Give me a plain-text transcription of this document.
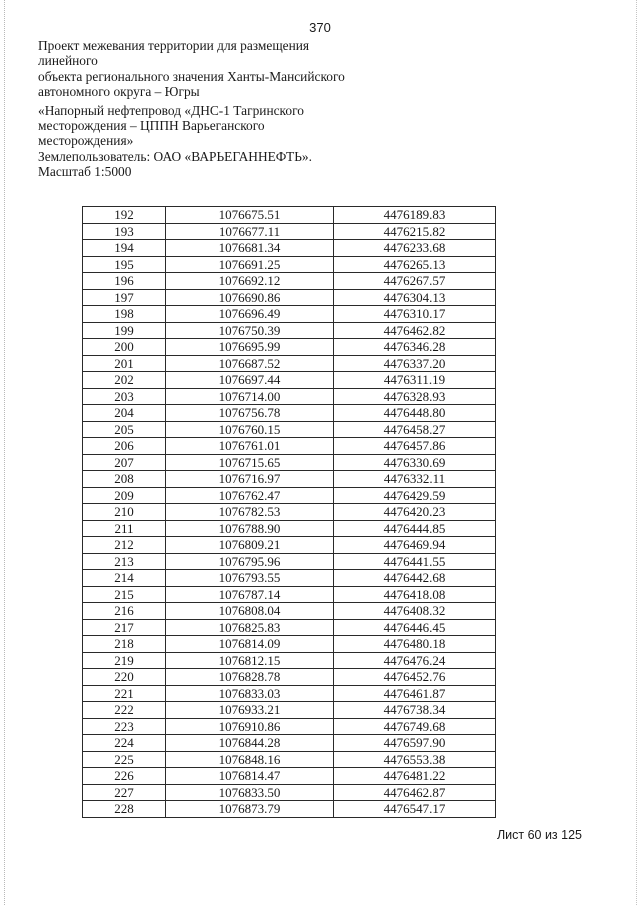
370

Проект межевания территории для размещения линейного

объекта регионального значения Ханты-Мансийского

автономного округа – Югры

«Напорный нефтепровод «ДНС-1 Тагринского

месторождения – ЦППН Варьеганского

месторождения»

Землепользователь: ОАО «ВАРЬЕГАННЕФТЬ».

Масштаб 1:5000

192	1076675.51	4476189.83
193	1076677.11	4476215.82
194	1076681.34	4476233.68
195	1076691.25	4476265.13
196	1076692.12	4476267.57
197	1076690.86	4476304.13
198	1076696.49	4476310.17
199	1076750.39	4476462.82
200	1076695.99	4476346.28
201	1076687.52	4476337.20
202	1076697.44	4476311.19
203	1076714.00	4476328.93
204	1076756.78	4476448.80
205	1076760.15	4476458.27
206	1076761.01	4476457.86
207	1076715.65	4476330.69
208	1076716.97	4476332.11
209	1076762.47	4476429.59
210	1076782.53	4476420.23
211	1076788.90	4476444.85
212	1076809.21	4476469.94
213	1076795.96	4476441.55
214	1076793.55	4476442.68
215	1076787.14	4476418.08
216	1076808.04	4476408.32
217	1076825.83	4476446.45
218	1076814.09	4476480.18
219	1076812.15	4476476.24
220	1076828.78	4476452.76
221	1076833.03	4476461.87
222	1076933.21	4476738.34
223	1076910.86	4476749.68
224	1076844.28	4476597.90
225	1076848.16	4476553.38
226	1076814.47	4476481.22
227	1076833.50	4476462.87
228	1076873.79	4476547.17
Лист 60 из 125
